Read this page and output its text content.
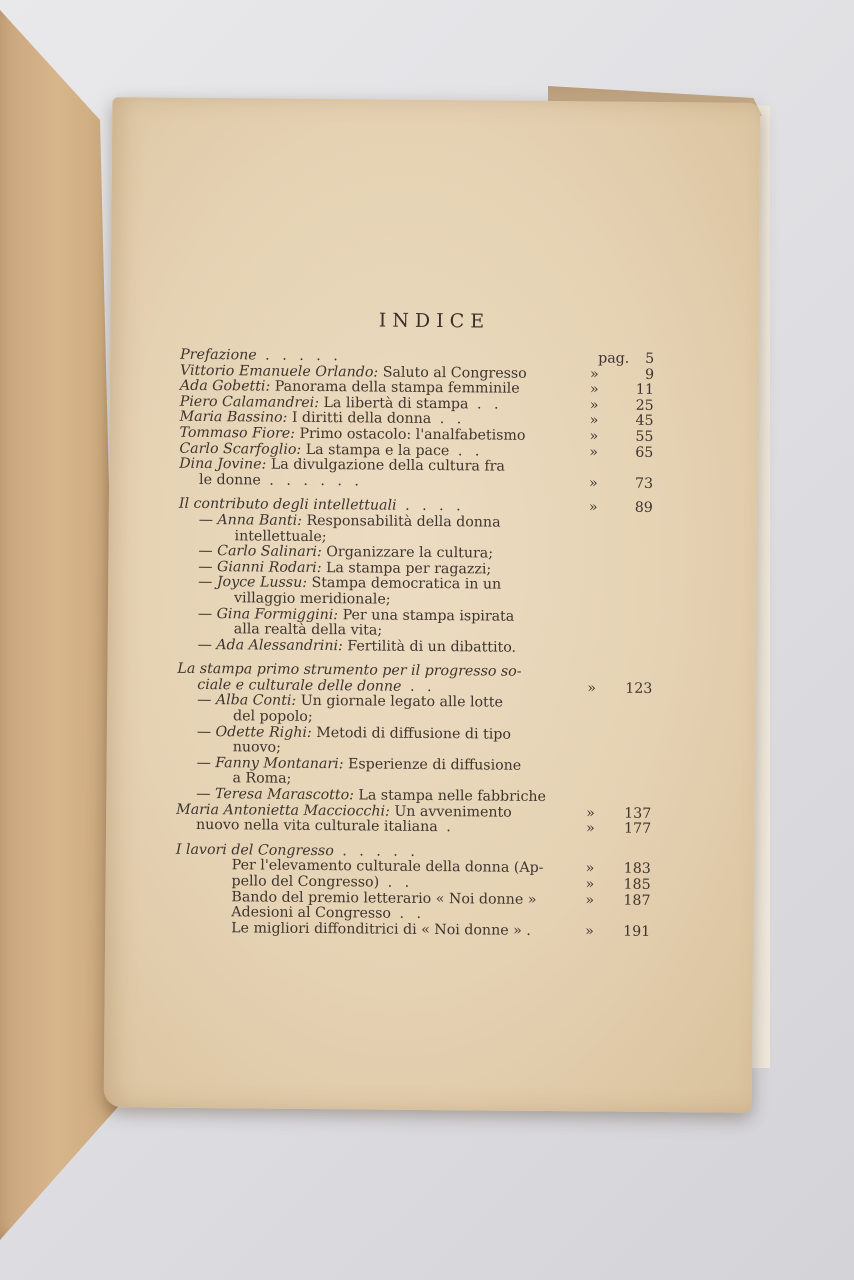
INDICE
Prefazione . . . . .	pag.	5
Vittorio Emanuele Orlando: Saluto al Congresso	»	9
Ada Gobetti: Panorama della stampa femminile	»	11
Piero Calamandrei: La libertà di stampa . .	»	25
Maria Bassino: I diritti della donna . .	»	45
Tommaso Fiore: Primo ostacolo: l'analfabetismo	»	55
Carlo Scarfoglio: La stampa e la pace . .	»	65
Dina Jovine: La divulgazione della cultura fra
le donne . . . . . .	»	73
Il contributo degli intellettuali . . . .	»	89
— Anna Banti: Responsabilità della donna
intellettuale;
— Carlo Salinari: Organizzare la cultura;
— Gianni Rodari: La stampa per ragazzi;
— Joyce Lussu: Stampa democratica in un
villaggio meridionale;
— Gina Formiggini: Per una stampa ispirata
alla realtà della vita;
— Ada Alessandrini: Fertilità di un dibattito.
La stampa primo strumento per il progresso so-
ciale e culturale delle donne . .	» 123
— Alba Conti: Un giornale legato alle lotte
del popolo;
— Odette Righi: Metodi di diffusione di tipo
nuovo;
— Fanny Montanari: Esperienze di diffusione
a Roma;
— Teresa Marascotto: La stampa nelle fabbriche
Maria Antonietta Macciocchi: Un avvenimento	» 137
nuovo nella vita culturale italiana .	» 177
I lavori del Congresso . . . . .
Per l'elevamento culturale della donna (Ap-	» 183
pello del Congresso) . .	» 185
Bando del premio letterario « Noi donne »	» 187
Adesioni al Congresso . .
Le migliori diffonditrici di « Noi donne » .	» 191
